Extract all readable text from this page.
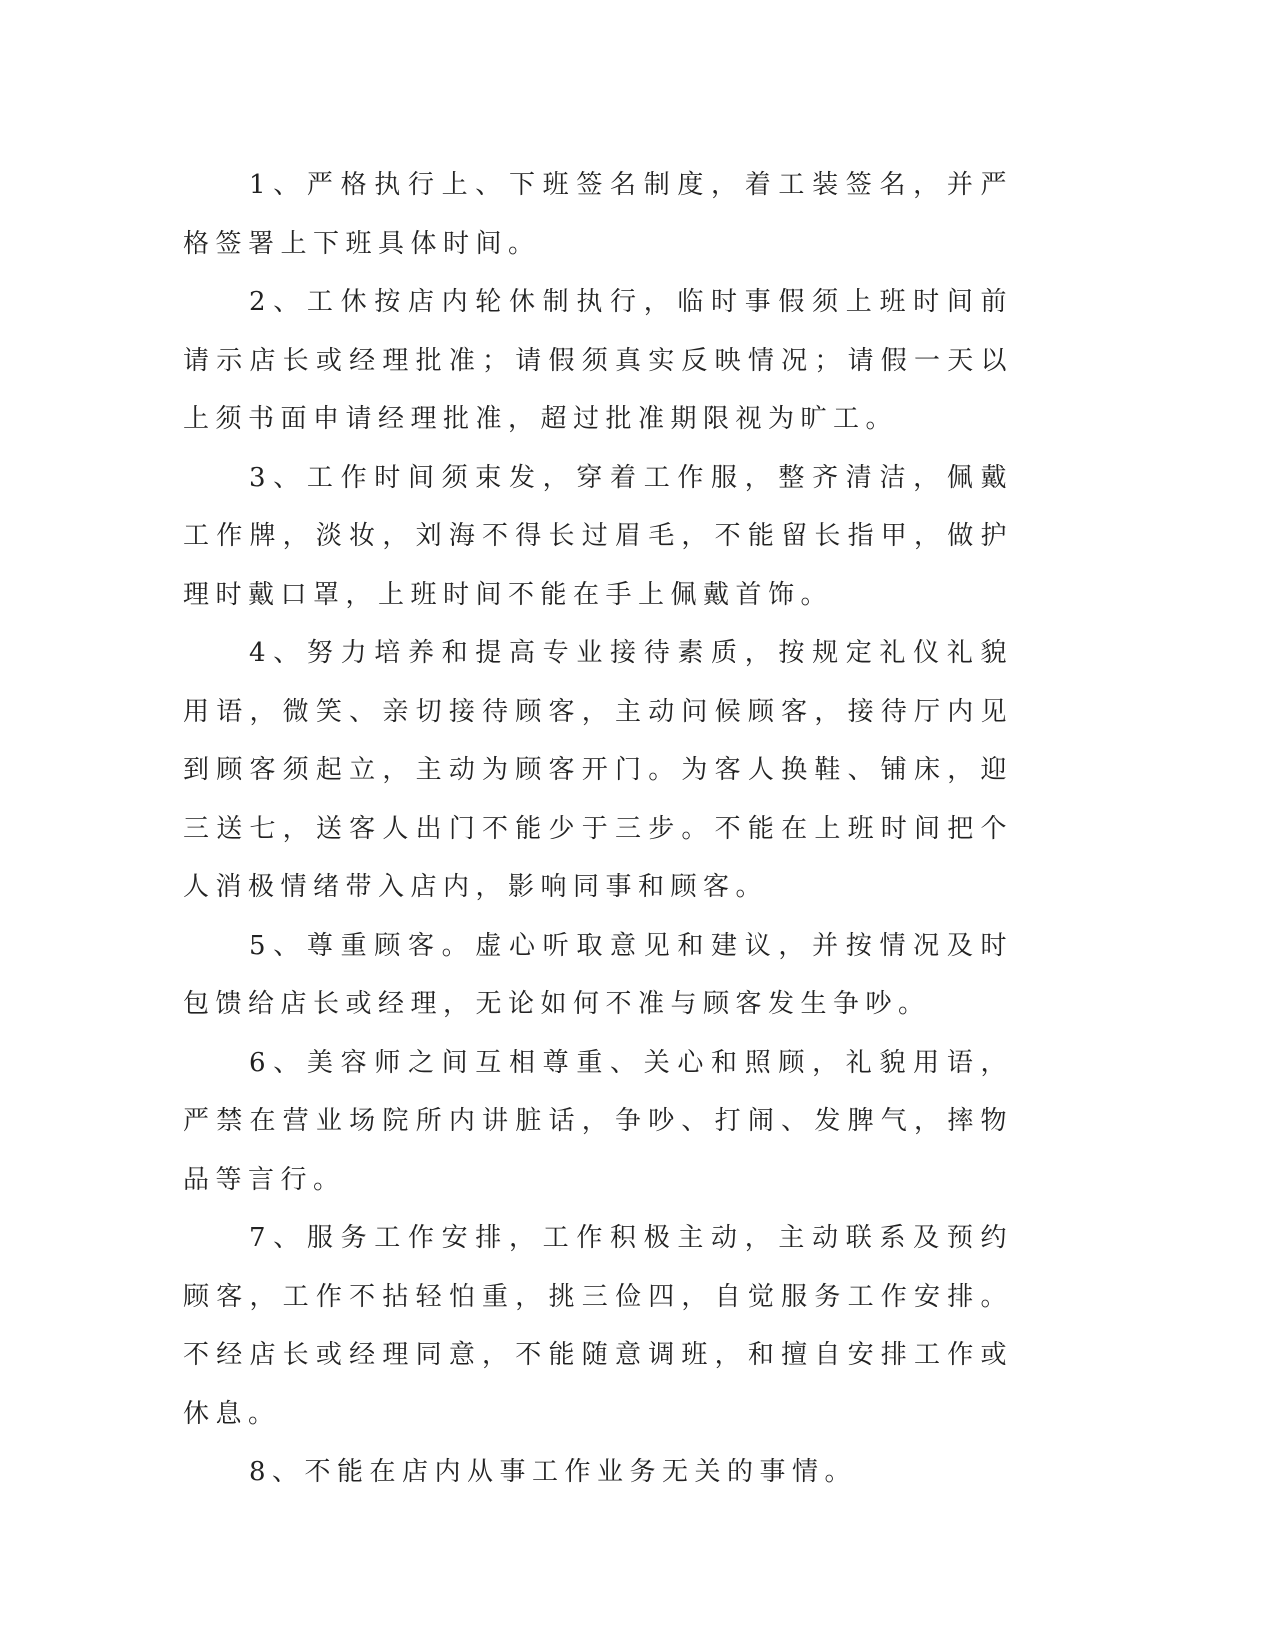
1、严格执行上、下班签名制度，着工装签名，并严格签署上下班具体时间。

2、工休按店内轮休制执行，临时事假须上班时间前请示店长或经理批准；请假须真实反映情况；请假一天以上须书面申请经理批准，超过批准期限视为旷工。

3、工作时间须束发，穿着工作服，整齐清洁，佩戴工作牌，淡妆，刘海不得长过眉毛，不能留长指甲，做护理时戴口罩，上班时间不能在手上佩戴首饰。

4、努力培养和提高专业接待素质，按规定礼仪礼貌用语，微笑、亲切接待顾客，主动问候顾客，接待厅内见到顾客须起立，主动为顾客开门。为客人换鞋、铺床，迎三送七，送客人出门不能少于三步。不能在上班时间把个人消极情绪带入店内，影响同事和顾客。

5、尊重顾客。虚心听取意见和建议，并按情况及时包馈给店长或经理，无论如何不准与顾客发生争吵。

6、美容师之间互相尊重、关心和照顾，礼貌用语，严禁在营业场院所内讲脏话，争吵、打闹、发脾气，摔物品等言行。

7、服务工作安排，工作积极主动，主动联系及预约顾客，工作不拈轻怕重，挑三俭四，自觉服务工作安排。不经店长或经理同意，不能随意调班，和擅自安排工作或休息。

8、不能在店内从事工作业务无关的事情。
